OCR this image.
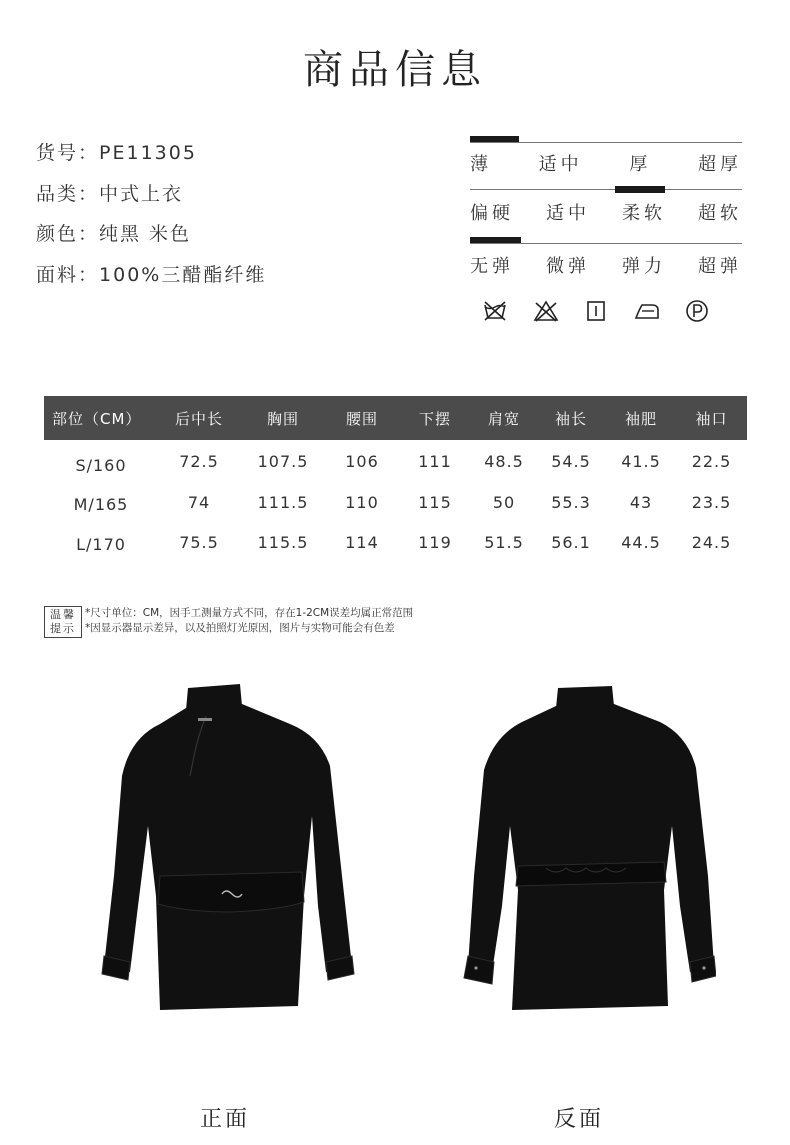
商品信息
货号：PE11305
品类：中式上衣
颜色：纯黑 米色
面料：100%三醋酯纤维
薄	适中	厚	超厚
偏硬 适中 柔软 超软
无弹 微弹 弹力 超弹
部位（CM）	后中长	胸围	腰围	下摆	肩宽	袖长	袖肥	袖口
S/160	72.5	107.5	106	111	48.5	54.5	41.5	22.5
M/165	74	111.5	110	115	50	55.3	43	23.5
L/170	75.5	115.5	114	119	51.5	56.1	44.5	24.5
温馨
提示
*尺寸单位：CM，因手工测量方式不同，存在1-2CM误差均属正常范围
*因显示器显示差异，以及拍照灯光原因，图片与实物可能会有色差
正面	反面
